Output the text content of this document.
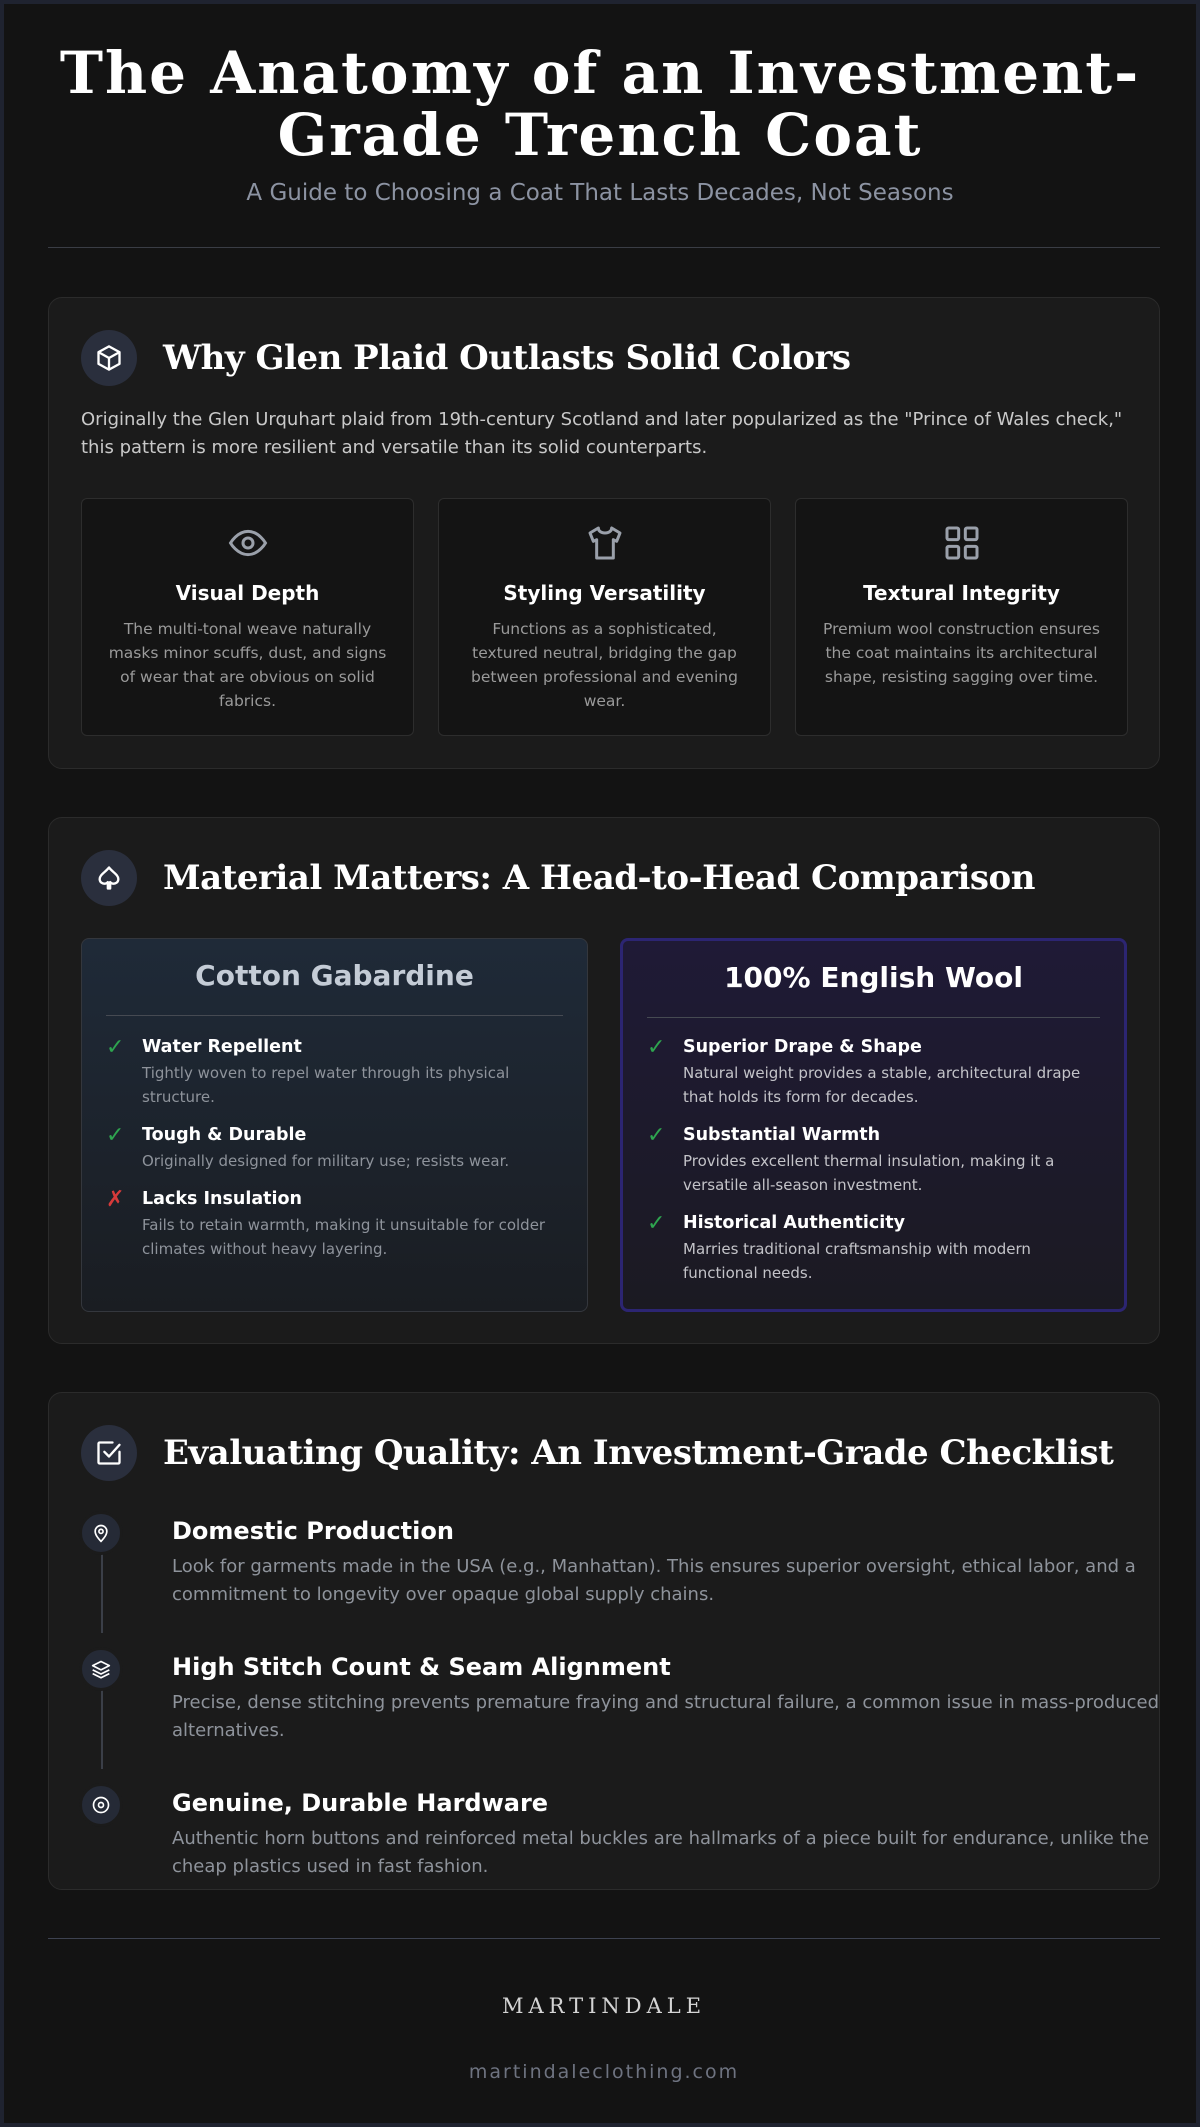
The Anatomy of an Investment-Grade Trench Coat
A Guide to Choosing a Coat That Lasts Decades, Not Seasons
Why Glen Plaid Outlasts Solid Colors

Originally the Glen Urquhart plaid from 19th-century Scotland and later popularized as the "Prince of Wales check," this pattern is more resilient and versatile than its solid counterparts.

Visual Depth
The multi-tonal weave naturally masks minor scuffs, dust, and signs of wear that are obvious on solid fabrics.
Styling Versatility
Functions as a sophisticated, textured neutral, bridging the gap between professional and evening wear.
Textural Integrity
Premium wool construction ensures the coat maintains its architectural shape, resisting sagging over time.
Material Matters: A Head-to-Head Comparison
Cotton Gabardine
✓	Water Repellent
Tightly woven to repel water through its physical structure.
✓	Tough & Durable
Originally designed for military use; resists wear.
✗	Lacks Insulation
Fails to retain warmth, making it unsuitable for colder climates without heavy layering.
100% English Wool
✓	Superior Drape & Shape
Natural weight provides a stable, architectural drape that holds its form for decades.
✓	Substantial Warmth
Provides excellent thermal insulation, making it a versatile all-season investment.
✓	Historical Authenticity
Marries traditional craftsmanship with modern functional needs.
Evaluating Quality: An Investment-Grade Checklist
Domestic Production
Look for garments made in the USA (e.g., Manhattan). This ensures superior oversight, ethical labor, and a commitment to longevity over opaque global supply chains.
High Stitch Count & Seam Alignment
Precise, dense stitching prevents premature fraying and structural failure, a common issue in mass-produced alternatives.
Genuine, Durable Hardware
Authentic horn buttons and reinforced metal buckles are hallmarks of a piece built for endurance, unlike the cheap plastics used in fast fashion.
MARTINDALE
martindaleclothing.com
